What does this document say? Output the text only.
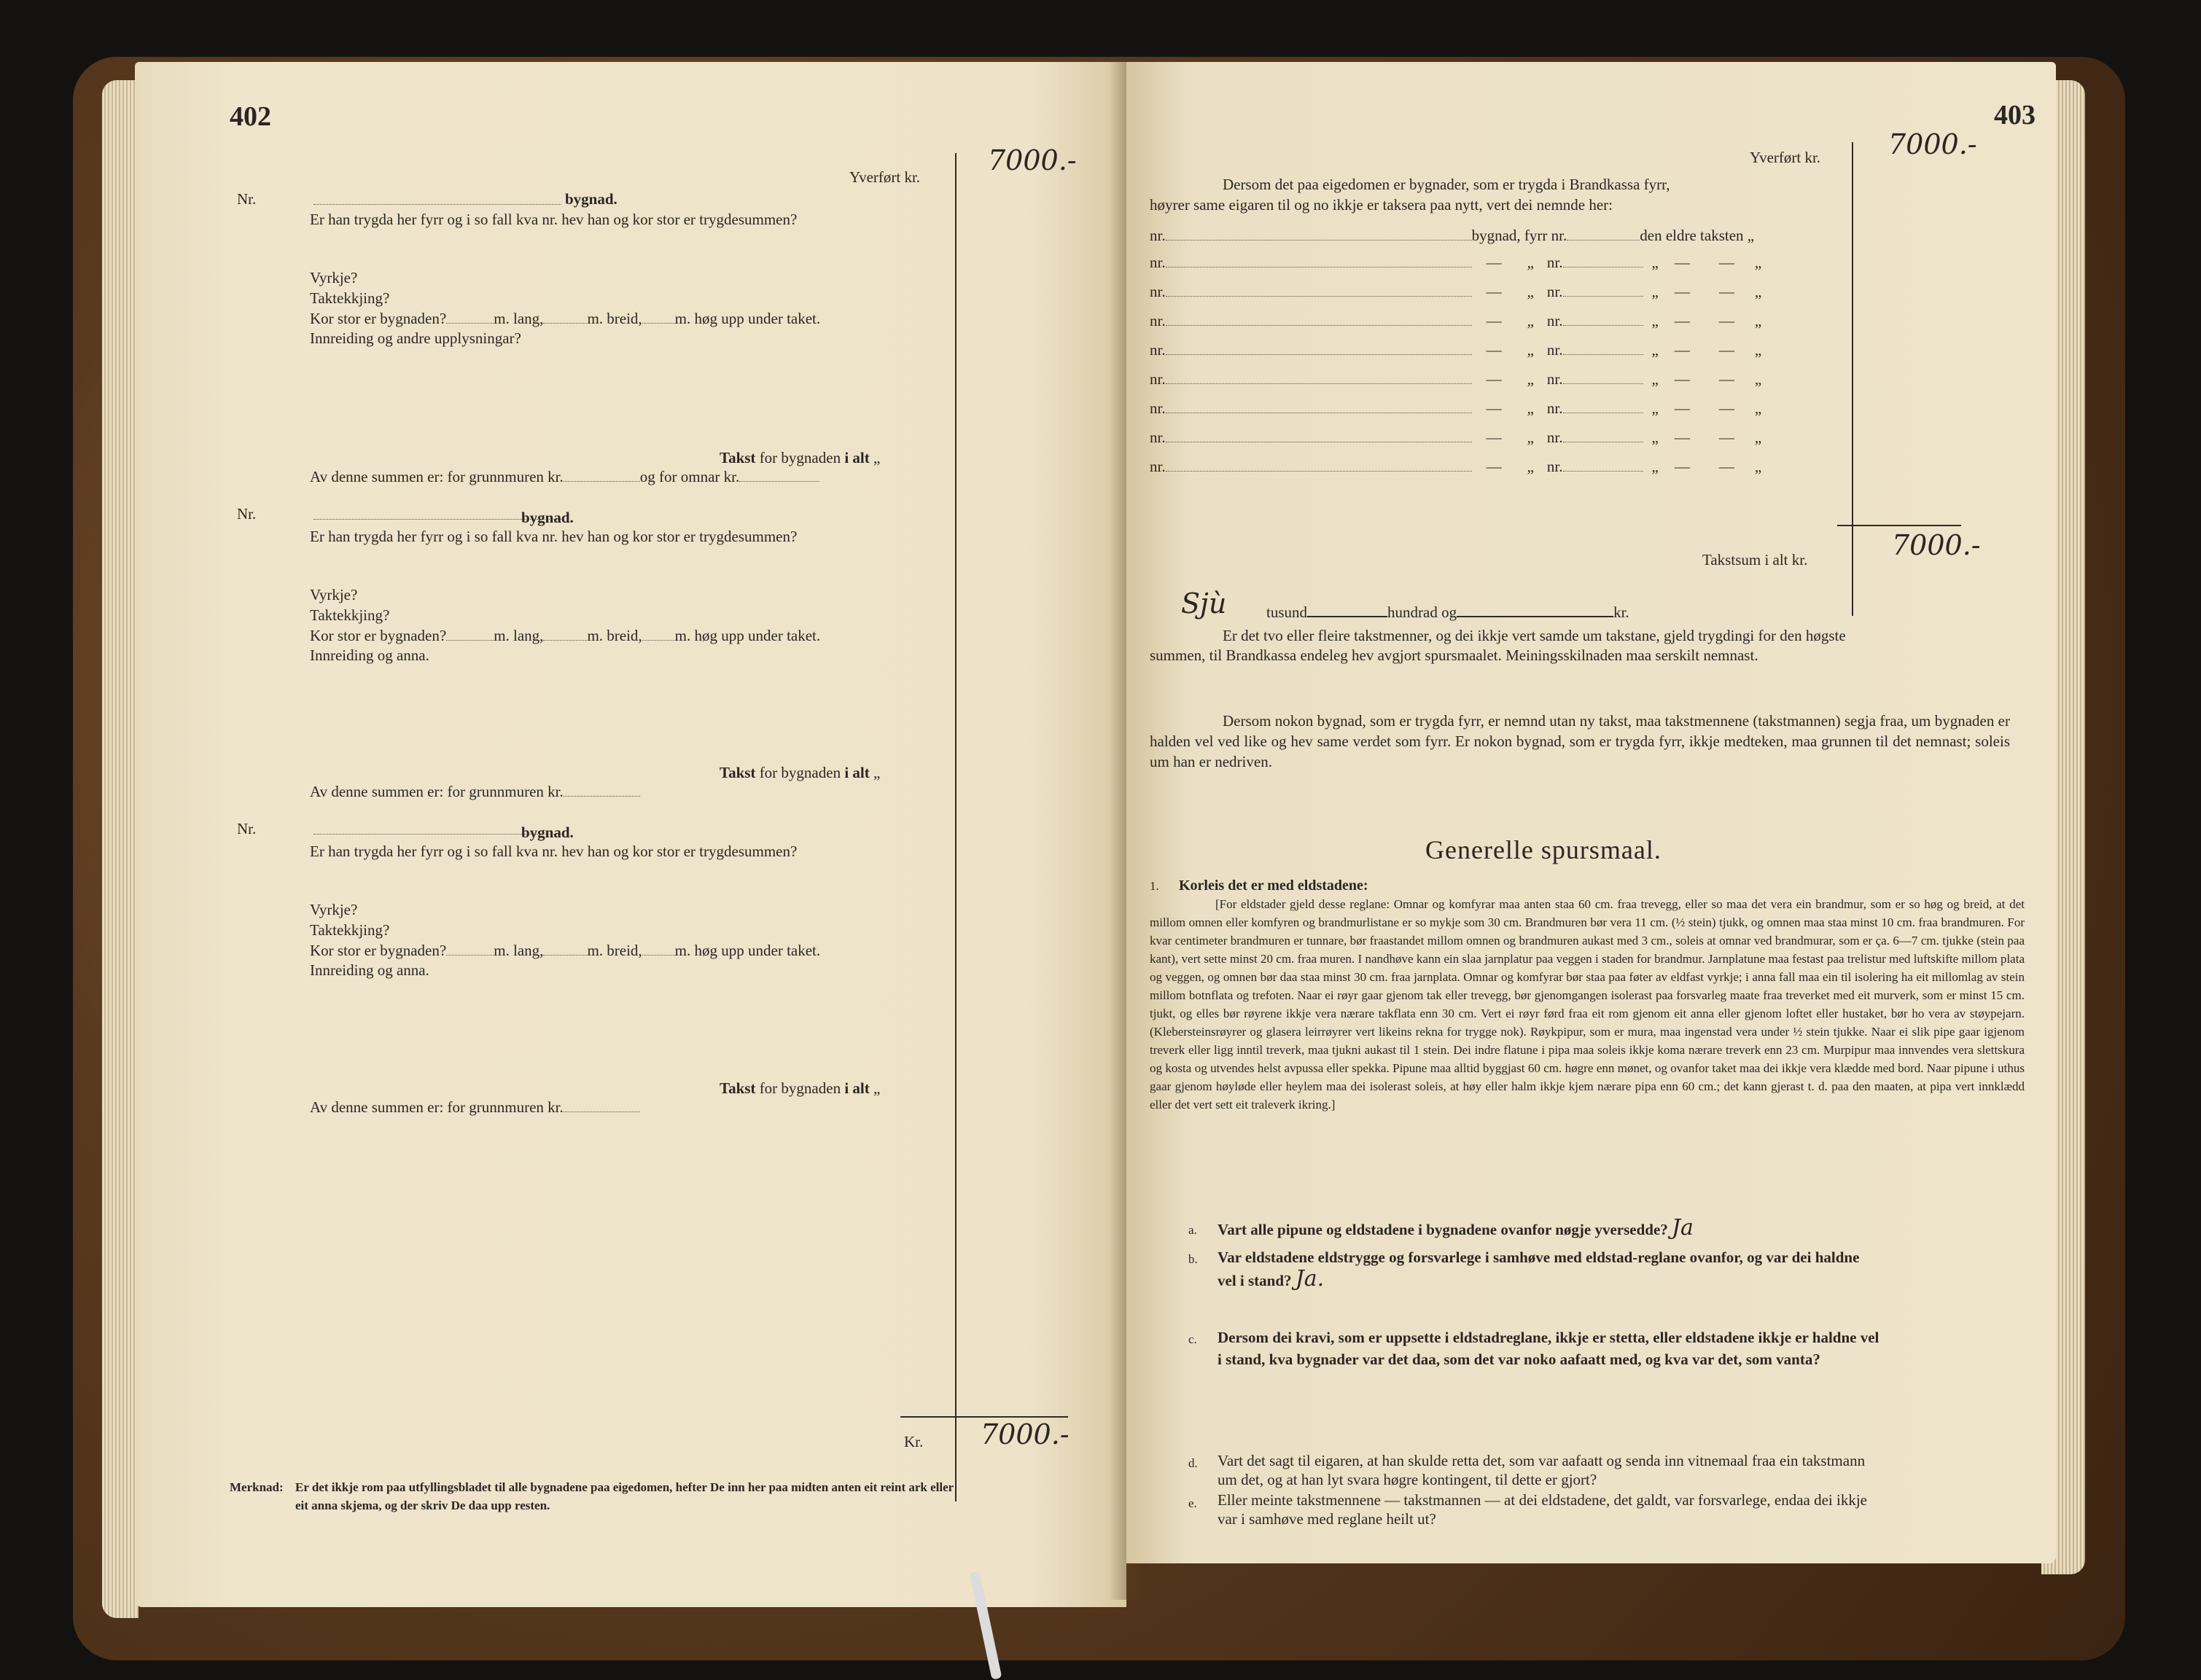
402
Yverført kr.
7000.-
Nr.	bygnad.
Er han trygda her fyrr og i so fall kva nr. hev han og kor stor er trygdesummen?
Vyrkje?
Taktekkjing?
Kor stor er bygnaden?	m. lang,	m. breid, m. høg upp under taket.
Innreiding og andre upplysningar?
Takst for bygnaden i alt „
Av denne summen er: for grunnmuren kr.	og for omnar kr.
Nr.	bygnad.
Er han trygda her fyrr og i so fall kva nr. hev han og kor stor er trygdesummen?
Vyrkje?
Taktekkjing?
Kor stor er bygnaden?	m. lang,	m. breid, m. høg upp under taket.
Innreiding og anna.
Takst for bygnaden i alt „
Av denne summen er: for grunnmuren kr.
Nr.	bygnad.
Er han trygda her fyrr og i so fall kva nr. hev han og kor stor er trygdesummen?
Vyrkje?
Taktekkjing?
Kor stor er bygnaden?	m. lang,	m. breid, m. høg upp under taket.
Innreiding og anna.
Takst for bygnaden i alt „
Av denne summen er: for grunnmuren kr.
Kr. 7000.-
Merknad: Er det ikkje rom paa utfyllingsbladet til alle bygnadene paa eigedomen, hefter De inn her paa midten anten eit reint ark eller
eit anna skjema, og der skriv De daa upp resten.
403
Yverført kr. 7000.-
Dersom det paa eigedomen er bygnader, som er trygda i Brandkassa fyrr,
høyrer same eigaren til og no ikkje er taksera paa nytt, vert dei nemnde her:
nr.	bygnad, fyrr nr.	den eldre taksten „
nr.	— „ nr.	„ — — „
nr.	— „ nr.	„ — — „
nr.	— „ nr.	„ — — „
nr.	— „ nr.	„ — — „
nr.	— „ nr.	„ — — „
nr.	— „ nr.	„ — — „
nr.	— „ nr.	„ — — „
nr.	— „ nr.	„ — — „
Takstsum i alt kr.	7000.-
Sjù	tusund	hundrad og	kr.
Er det tvo eller fleire takstmenner, og dei ikkje vert samde um takstane, gjeld trygdingi for den høgste
summen, til Brandkassa endeleg hev avgjort spursmaalet. Meiningsskilnaden maa serskilt nemnast.
Dersom nokon bygnad, som er trygda fyrr, er nemnd utan ny takst, maa takstmennene (takstmannen) segja fraa, um bygnaden er halden vel ved like og hev same verdet som fyrr. Er nokon bygnad, som er trygda fyrr, ikkje medteken, maa grunnen til det nemnast; soleis um han er nedriven.
Generelle spursmaal.
1. Korleis det er med eldstadene:
[For eldstader gjeld desse reglane: Omnar og komfyrar maa anten staa 60 cm. fraa trevegg, eller so maa det vera ein brandmur, som er so høg og breid, at det millom omnen eller komfyren og brandmurlistane er so mykje som 30 cm. Brandmuren bør vera 11 cm. (½ stein) tjukk, og omnen maa staa minst 10 cm. fraa brandmuren. For kvar centimeter brandmuren er tunnare, bør fraastandet millom omnen og brandmuren aukast med 3 cm., soleis at omnar ved brandmurar, som er ça. 6—7 cm. tjukke (stein paa kant), vert sette minst 20 cm. fraa muren. I nandhøve kann ein slaa jarnplatur paa veggen i staden for brandmur. Jarnplatune maa festast paa trelistur med luftskifte millom plata og veggen, og omnen bør daa staa minst 30 cm. fraa jarnplata. Omnar og komfyrar bør staa paa føter av eldfast vyrkje; i anna fall maa ein til isolering ha eit millomlag av stein millom botnflata og trefoten. Naar ei røyr gaar gjenom tak eller trevegg, bør gjenomgangen isolerast paa forsvarleg maate fraa treverket med eit murverk, som er minst 15 cm. tjukt, og elles bør røyrene ikkje vera nærare takflata enn 30 cm. Vert ei røyr førd fraa eit rom gjenom eit anna eller gjenom loftet eller hustaket, bør ho vera av støypejarn. (Klebersteinsrøyrer og glasera leirrøyrer vert likeins rekna for trygge nok). Røykpipur, som er mura, maa ingenstad vera under ½ stein tjukke. Naar ei slik pipe gaar igjenom treverk eller ligg inntil treverk, maa tjukni aukast til 1 stein. Dei indre flatune i pipa maa soleis ikkje koma nærare treverk enn 23 cm. Murpipur maa innvendes vera slettskura og kosta og utvendes helst avpussa eller spekka. Pipune maa alltid byggjast 60 cm. høgre enn mønet, og ovanfor taket maa dei ikkje vera klædde med bord. Naar pipune i uthus gaar gjenom høyløde eller heylem maa dei isolerast soleis, at høy eller halm ikkje kjem nærare pipa enn 60 cm.; det kann gjerast t. d. paa den maaten, at pipa vert innklædd eller det vert sett eit traleverk ikring.]
a. Vart alle pipune og eldstadene i bygnadene ovanfor nøgje yversedde? Ja
b. Var eldstadene eldstrygge og forsvarlege i samhøve med eldstad-reglane ovanfor, og var dei haldne
vel i stand? Ja.
c. Dersom dei kravi, som er uppsette i eldstadreglane, ikkje er stetta, eller eldstadene ikkje er haldne vel
i stand, kva bygnader var det daa, som det var noko aafaatt med, og kva var det, som vanta?
d. Vart det sagt til eigaren, at han skulde retta det, som var aafaatt og senda inn vitnemaal fraa ein takstmann
um det, og at han lyt svara høgre kontingent, til dette er gjort?
e. Eller meinte takstmennene — takstmannen — at dei eldstadene, det galdt, var forsvarlege, endaa dei ikkje
var i samhøve med reglane heilt ut?
